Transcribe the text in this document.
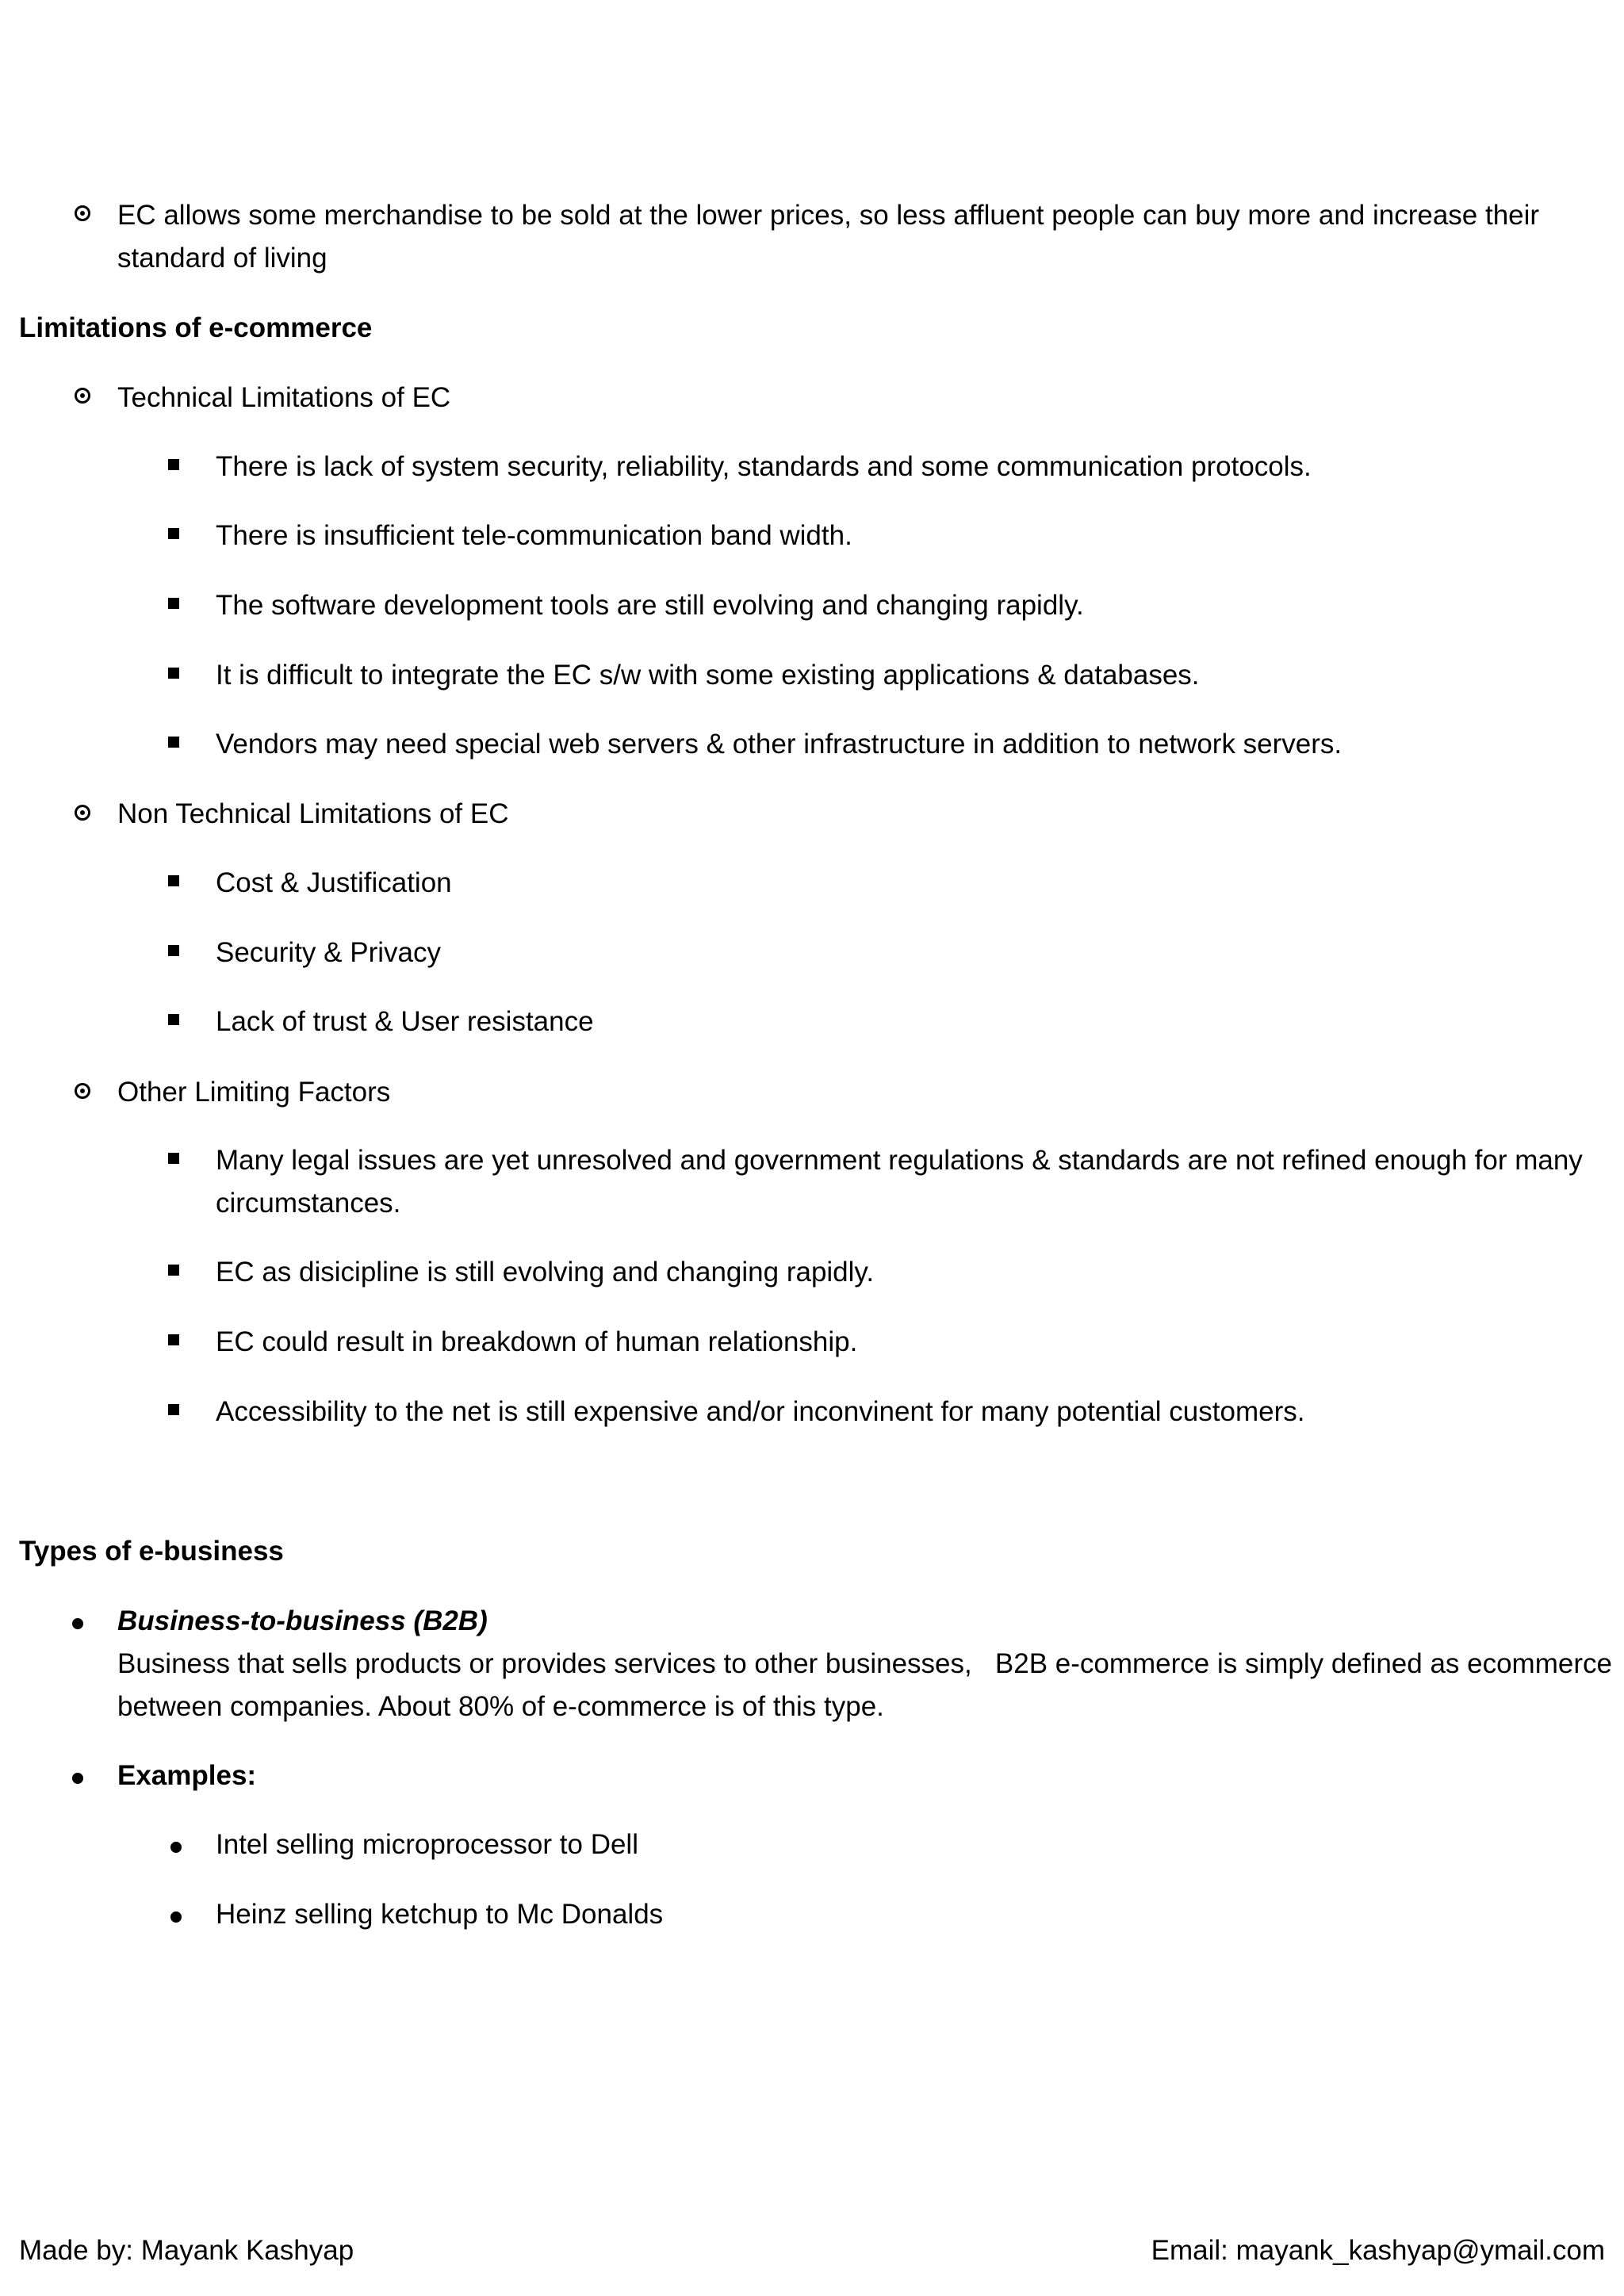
EC allows some merchandise to be sold at the lower prices, so less affluent people can buy more and increase their
standard of living
Limitations of e-commerce
Technical Limitations of EC
There is lack of system security, reliability, standards and some communication protocols.
There is insufficient tele-communication band width.
The software development tools are still evolving and changing rapidly.
It is difficult to integrate the EC s/w with some existing applications & databases.
Vendors may need special web servers & other infrastructure in addition to network servers.
Non Technical Limitations of EC
Cost & Justification
Security & Privacy
Lack of trust & User resistance
Other Limiting Factors
Many legal issues are yet unresolved and government regulations & standards are not refined enough for many
circumstances.
EC as disicipline is still evolving and changing rapidly.
EC could result in breakdown of human relationship.
Accessibility to the net is still expensive and/or inconvinent for many potential customers.
Types of e-business
Business-to-business (B2B)
Business that sells products or provides services to other businesses,   B2B e-commerce is simply defined as ecommerce
between companies. About 80% of e-commerce is of this type.
Examples:
Intel selling microprocessor to Dell
Heinz selling ketchup to Mc Donalds
Made by: Mayank Kashyap	Email: mayank_kashyap@ymail.com
